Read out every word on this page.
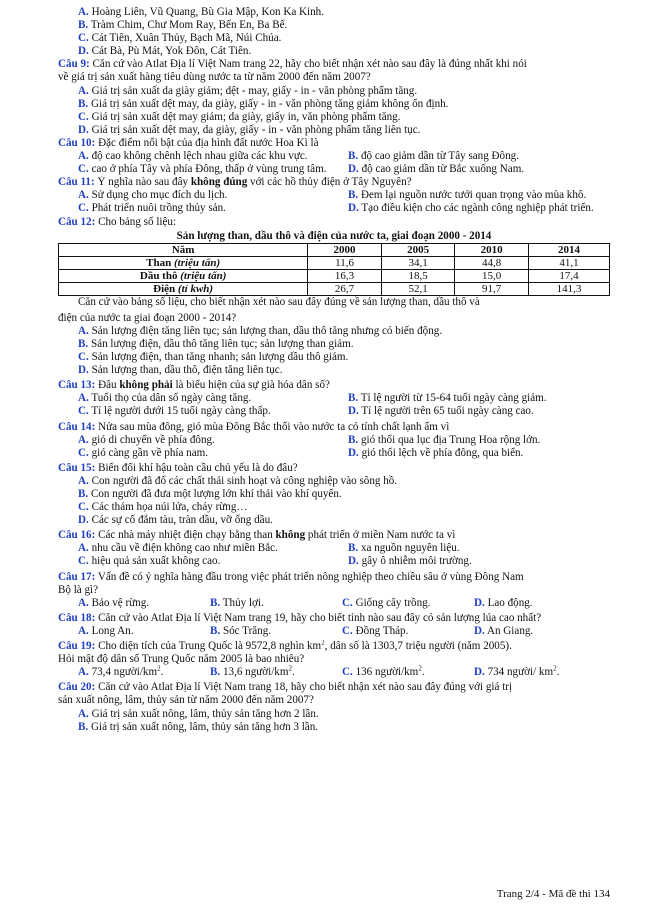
A. Hoàng Liên, Vũ Quang, Bù Gia Mập, Kon Ka Kinh.
B. Tràm Chim, Chư Mom Ray, Bến En, Ba Bể.
C. Cát Tiên, Xuân Thủy, Bạch Mã, Núi Chúa.
D. Cát Bà, Pù Mát, Yok Đôn, Cát Tiên.
Câu 9: Căn cứ vào Atlat Địa lí Việt Nam trang 22, hãy cho biết nhận xét nào sau đây là đúng nhất khi nói
về giá trị sản xuất hàng tiêu dùng nước ta từ năm 2000 đến năm 2007?
A. Giá trị sản xuất da giày giảm; dệt - may, giấy - in - văn phòng phẩm tăng.
B. Giá trị sản xuất dệt may, da giày, giấy - in - văn phòng tăng giảm không ổn định.
C. Giá trị sản xuất dệt may giảm; da giày, giấy in, văn phòng phẩm tăng.
D. Giá trị sản xuất dệt may, da giày, giấy - in - văn phòng phẩm tăng liên tục.
Câu 10: Đặc điểm nổi bật của địa hình đất nước Hoa Kì là
A. độ cao không chênh lệch nhau giữa các khu vực.	B. độ cao giảm dần từ Tây sang Đông.
C. cao ở phía Tây và phía Đông, thấp ở vùng trung tâm.	D. độ cao giảm dần từ Bắc xuống Nam.
Câu 11: Ý nghĩa nào sau đây không đúng với các hồ thủy điện ở Tây Nguyên?
A. Sử dụng cho mục đích du lịch.	B. Đem lại nguồn nước tưới quan trọng vào mùa khô.
C. Phát triển nuôi trồng thủy sản.	D. Tạo điều kiện cho các ngành công nghiệp phát triển.
Câu 12: Cho bảng số liệu:
Sản lượng than, dầu thô và điện của nước ta, giai đoạn 2000 - 2014
Năm	2000	2005	2010	2014
Than (triệu tấn)	11,6	34,1	44,8	41,1
Dầu thô (triệu tấn)	16,3	18,5	15,0	17,4
Điện (tỉ kwh)	26,7	52,1	91,7	141,3
Căn cứ vào bảng số liệu, cho biết nhận xét nào sau đây đúng về sản lượng than, dầu thô và
điện của nước ta giai đoạn 2000 - 2014?
A. Sản lượng điện tăng liên tục; sản lượng than, dầu thô tăng nhưng có biến động.
B. Sản lượng điện, dầu thô tăng liên tục; sản lượng than giảm.
C. Sản lượng điện, than tăng nhanh; sản lượng dầu thô giảm.
D. Sản lượng than, dầu thô, điện tăng liên tục.
Câu 13: Đâu không phải là biểu hiện của sự già hóa dân số?
A. Tuổi thọ của dân số ngày càng tăng.	B. Tỉ lệ người từ 15-64 tuổi ngày càng giảm.
C. Tỉ lệ người dưới 15 tuổi ngày càng thấp.	D. Tỉ lệ người trên 65 tuổi ngày càng cao.
Câu 14: Nửa sau mùa đông, gió mùa Đông Bắc thổi vào nước ta có tính chất lạnh ẩm vì
A. gió di chuyển về phía đông.	B. gió thổi qua lục địa Trung Hoa rộng lớn.
C. gió càng gần về phía nam.	D. gió thổi lệch về phía đông, qua biển.
Câu 15: Biến đổi khí hậu toàn cầu chủ yếu là do đâu?
A. Con người đã đổ các chất thải sinh hoạt và công nghiệp vào sông hồ.
B. Con người đã đưa một lượng lớn khí thải vào khí quyển.
C. Các thảm họa núi lửa, cháy rừng…
D. Các sự cố đắm tàu, tràn dầu, vỡ ống dầu.
Câu 16: Các nhà máy nhiệt điện chạy bằng than không phát triển ở miền Nam nước ta vì
A. nhu cầu về điện không cao như miền Bắc.	B. xa nguồn nguyên liệu.
C. hiệu quả sản xuất không cao.	D. gây ô nhiễm môi trường.
Câu 17: Vấn đề có ý nghĩa hàng đầu trong việc phát triển nông nghiệp theo chiều sâu ở vùng Đông Nam
Bộ là gì?
A. Bảo vệ rừng.	B. Thủy lợi.	C. Giống cây trồng.	D. Lao động.
Câu 18: Căn cứ vào Atlat Địa lí Việt Nam trang 19, hãy cho biết tỉnh nào sau đây có sản lượng lúa cao nhất?
A. Long An.	B. Sóc Trăng.	C. Đồng Tháp.	D. An Giang.
Câu 19: Cho diện tích của Trung Quốc là 9572,8 nghìn $km^2$, dân số là 1303,7 triệu người (năm 2005).
Hỏi mật độ dân số Trung Quốc năm 2005 là bao nhiêu?
A. 73,4 người/$km^2$.	B. 13,6 người/$km^2$.	C. 136 người/$km^2$.	D. 734 người/ $km^2$.
Câu 20: Căn cứ vào Atlat Địa lí Việt Nam trang 18, hãy cho biết nhận xét nào sau đây đúng với giá trị
sản xuất nông, lâm, thủy sản từ năm 2000 đến năm 2007?
A. Giá trị sản xuất nông, lâm, thủy sản tăng hơn 2 lần.
B. Giá trị sản xuất nông, lâm, thủy sản tăng hơn 3 lần.
Trang 2/4 - Mã đề thi 134
